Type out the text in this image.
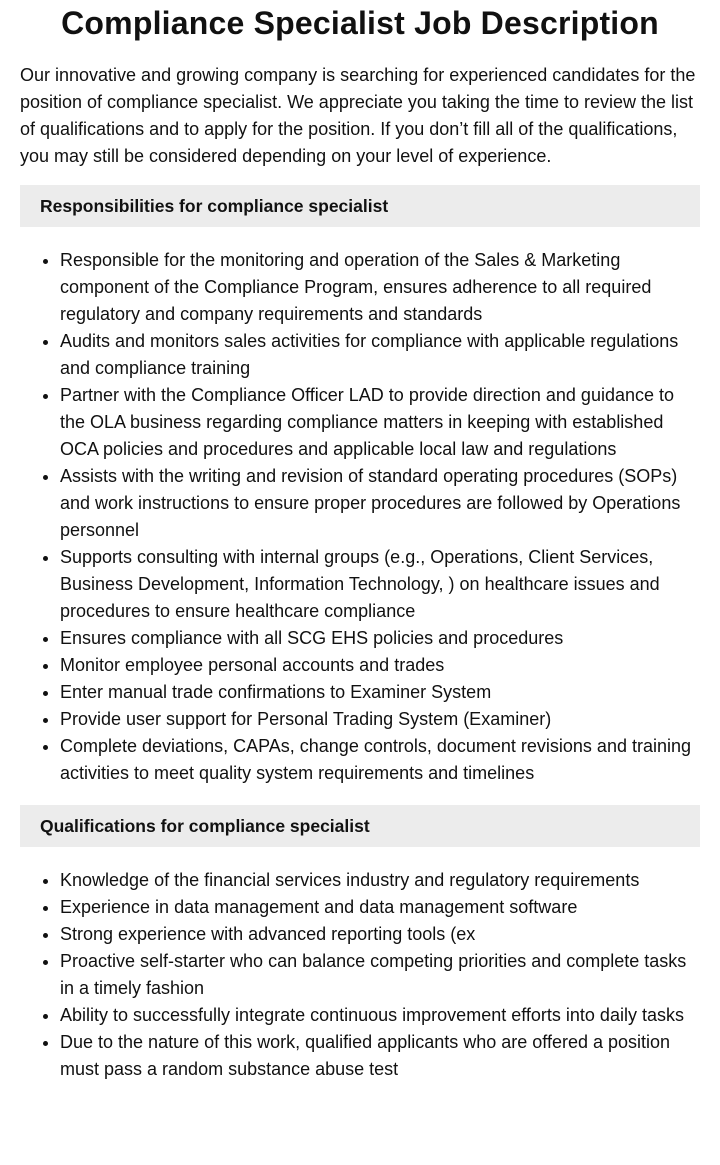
Compliance Specialist Job Description

Our innovative and growing company is searching for experienced candidates for the position of compliance specialist. We appreciate you taking the time to review the list of qualifications and to apply for the position. If you don’t fill all of the qualifications, you may still be considered depending on your level of experience.

Responsibilities for compliance specialist
• Responsible for the monitoring and operation of the Sales & Marketing component of the Compliance Program, ensures adherence to all required regulatory and company requirements and standards
• Audits and monitors sales activities for compliance with applicable regulations and compliance training
• Partner with the Compliance Officer LAD to provide direction and guidance to the OLA business regarding compliance matters in keeping with established OCA policies and procedures and applicable local law and regulations
• Assists with the writing and revision of standard operating procedures (SOPs) and work instructions to ensure proper procedures are followed by Operations personnel
• Supports consulting with internal groups (e.g., Operations, Client Services, Business Development, Information Technology, ) on healthcare issues and procedures to ensure healthcare compliance
• Ensures compliance with all SCG EHS policies and procedures
• Monitor employee personal accounts and trades
• Enter manual trade confirmations to Examiner System
• Provide user support for Personal Trading System (Examiner)
• Complete deviations, CAPAs, change controls, document revisions and training activities to meet quality system requirements and timelines
Qualifications for compliance specialist
• Knowledge of the financial services industry and regulatory requirements
• Experience in data management and data management software
• Strong experience with advanced reporting tools (ex
• Proactive self-starter who can balance competing priorities and complete tasks in a timely fashion
• Ability to successfully integrate continuous improvement efforts into daily tasks
• Due to the nature of this work, qualified applicants who are offered a position must pass a random substance abuse test
